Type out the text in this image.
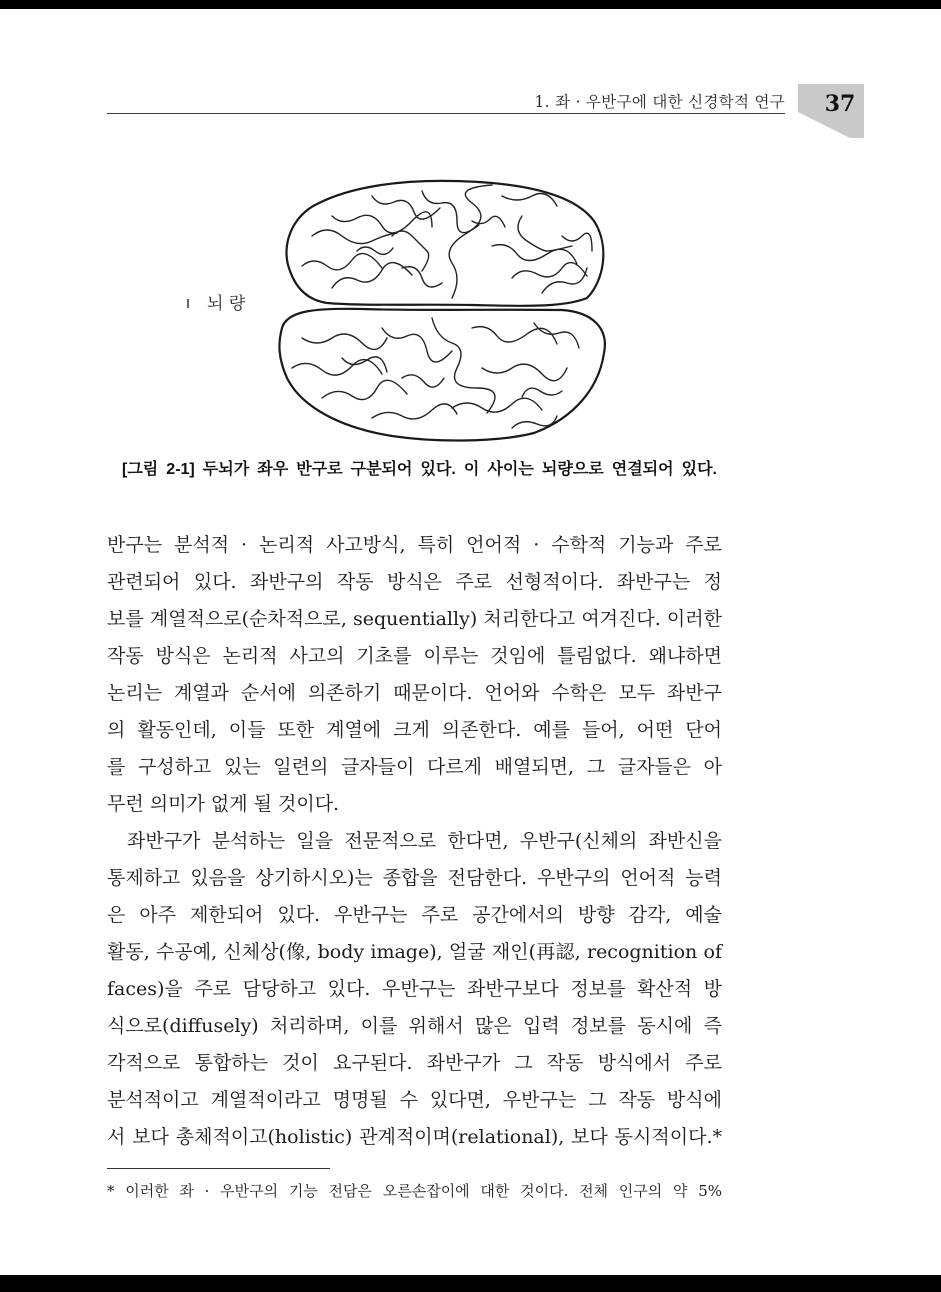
1. 좌 · 우반구에 대한 신경학적 연구	37
뇌 량
[그림 2-1] 두뇌가 좌우 반구로 구분되어 있다. 이 사이는 뇌량으로 연결되어 있다.
반구는 분석적 · 논리적 사고방식, 특히 언어적 · 수학적 기능과 주로
관련되어 있다. 좌반구의 작동 방식은 주로 선형적이다. 좌반구는 정
보를 계열적으로(순차적으로, sequentially) 처리한다고 여겨진다. 이러한
작동 방식은 논리적 사고의 기초를 이루는 것임에 틀림없다. 왜냐하면
논리는 계열과 순서에 의존하기 때문이다. 언어와 수학은 모두 좌반구
의 활동인데, 이들 또한 계열에 크게 의존한다. 예를 들어, 어떤 단어
를 구성하고 있는 일련의 글자들이 다르게 배열되면, 그 글자들은 아
무런 의미가 없게 될 것이다.
좌반구가 분석하는 일을 전문적으로 한다면, 우반구(신체의 좌반신을
통제하고 있음을 상기하시오)는 종합을 전담한다. 우반구의 언어적 능력
은 아주 제한되어 있다. 우반구는 주로 공간에서의 방향 감각, 예술
활동, 수공예, 신체상(像, body image), 얼굴 재인(再認, recognition of
faces)을 주로 담당하고 있다. 우반구는 좌반구보다 정보를 확산적 방
식으로(diffusely) 처리하며, 이를 위해서 많은 입력 정보를 동시에 즉
각적으로 통합하는 것이 요구된다. 좌반구가 그 작동 방식에서 주로
분석적이고 계열적이라고 명명될 수 있다면, 우반구는 그 작동 방식에
서 보다 총체적이고(holistic) 관계적이며(relational), 보다 동시적이다.*
* 이러한 좌 · 우반구의 기능 전담은 오른손잡이에 대한 것이다. 전체 인구의 약 5%
